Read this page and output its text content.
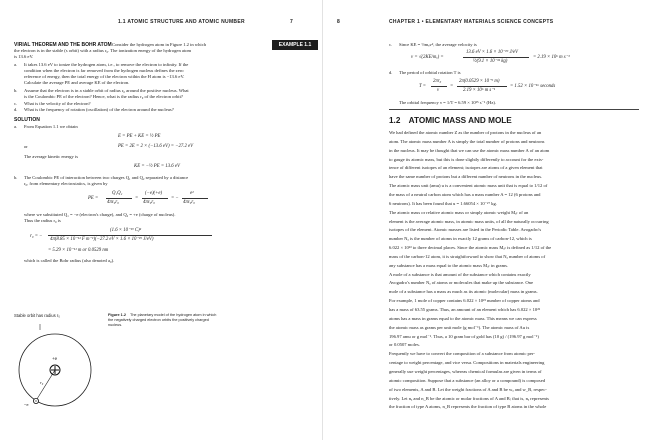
1.1 ATOMIC STRUCTURE AND ATOMIC NUMBER	7
VIRIAL THEOREM AND THE BOHR ATOM Consider the hydrogen atom in Figure 1.2 in which	EXAMPLE 1.1
the electron is in the stable (s orbit) with a radius r₀. The ionization energy of the hydrogen atom
is 13.6 eV.
a. It takes 13.6 eV to ionize the hydrogen atom, i.e., to remove the electron to infinity. If the
condition when the electron is far removed from the hydrogen nucleus defines the zero
reference of energy, then the total energy of the electron within the H atom is −13.6 eV.
Calculate the average PE and average KE of the electron.
b. Assume that the electron is in a stable orbit of radius r₀ around the positive nucleus. What
is the Coulombic PE of the electron? Hence, what is the radius r₀ of the electron orbit?
c. What is the velocity of the electron?
d. What is the frequency of rotation (oscillation) of the electron around the nucleus?
SOLUTION
a. From Equation 1.1 we obtain
E = PE + KE = ½ PE
or	PE = 2E = 2 × (−13.6 eV) = −27.2 eV
The average kinetic energy is
KE = −½ PE = 13.6 eV
b. The Coulombic PE of interaction between two charges Q₁ and Q₂ separated by a distance
r₀, from elementary electrostatics, is given by
PE =
Q₁Q₂
4πε₀r₀
=
(−e)(+e)
4πε₀r₀
= −
e²
4πε₀r₀
where we substituted Q₁ = −e (electron's charge), and Q₂ = +e (charge of nucleus).
Thus the radius r₀ is
r₀ = −
(1.6 × 10⁻¹⁹ C)²
4π(8.85 × 10⁻¹² F m⁻¹)(−27.2 eV × 1.6 × 10⁻¹⁹ J/eV)
= 5.29 × 10⁻¹¹ m or 0.0529 nm
which is called the Bohr radius (also denoted a₀).
Stable orbit has radius r₀
+e
r₀
−e
Figure 1.2 The planetary model of the hydrogen atom in which
the negatively charged electron orbits the positively charged
nucleus.
8	CHAPTER 1 • ELEMENTARY MATERIALS SCIENCE CONCEPTS
c. Since KE = ½mₑv², the average velocity is
v = √(2KE/mₑ) =
13.6 eV × 1.6 × 10⁻¹⁹ J/eV
½(9.1 × 10⁻³¹ kg)
= 2.19 × 10⁶ m s⁻¹
d. The period of orbital rotation T is
T =
2πr₀
v
=
2π(0.0529 × 10⁻⁹ m)
2.19 × 10⁶ m s⁻¹
= 1.52 × 10⁻¹⁶ seconds
The orbital frequency ν = 1/T = 6.59 × 10¹⁵ s⁻¹ (Hz).
1.2 ATOMIC MASS AND MOLE
We had defined the atomic number Z as the number of protons in the nucleus of an
atom. The atomic mass number A is simply the total number of protons and neutrons
in the nucleus. It may be thought that we can use the atomic mass number A of an atom
to gauge its atomic mass, but this is done slightly differently to account for the exis-
tence of different isotopes of an element; isotopes are atoms of a given element that
have the same number of protons but a different number of neutrons in the nucleus.
The atomic mass unit (amu) u is a convenient atomic mass unit that is equal to 1/12 of
the mass of a neutral carbon atom which has a mass number A = 12 (6 protons and
6 neutrons). It has been found that u = 1.66054 × 10⁻²⁷ kg.
The atomic mass or relative atomic mass or simply atomic weight Mₐₜ of an
element is the average atomic mass, in atomic mass units, of all the naturally occurring
isotopes of the element. Atomic masses are listed in the Periodic Table. Avogadro's
number Nₐ is the number of atoms in exactly 12 grams of carbon-12, which is
6.022 × 10²³ to three decimal places. Since the atomic mass Mₐₜ is defined as 1/12 of the
mass of the carbon-12 atom, it is straightforward to show that Nₐ number of atoms of
any substance has a mass equal to the atomic mass Mₐₜ in grams.
A mole of a substance is that amount of the substance which contains exactly
Avogadro's number Nₐ of atoms or molecules that make up the substance. One
mole of a substance has a mass as much as its atomic (molecular) mass in grams.
For example, 1 mole of copper contains 6.022 × 10²³ number of copper atoms and
has a mass of 63.55 grams. Thus, an amount of an element which has 6.022 × 10²³
atoms has a mass in grams equal to the atomic mass. This means we can express
the atomic mass as grams per unit mole (g mol⁻¹). The atomic mass of Au is
196.97 amu or g mol⁻¹. Thus, a 10 gram bar of gold has (10 g) / (196.97 g mol⁻¹)
or 0.0507 moles.
Frequently we have to convert the composition of a substance from atomic per-
centage to weight percentage, and vice versa. Compositions in materials engineering
generally use weight percentages, whereas chemical formulas are given in terms of
atomic composition. Suppose that a substance (an alloy or a compound) is composed
of two elements, A and B. Let the weight fractions of A and B be wₐ and w_B, respec-
tively. Let nₐ and n_B be the atomic or molar fractions of A and B; that is, nₐ represents
the fraction of type A atoms, n_B represents the fraction of type B atoms in the whole
